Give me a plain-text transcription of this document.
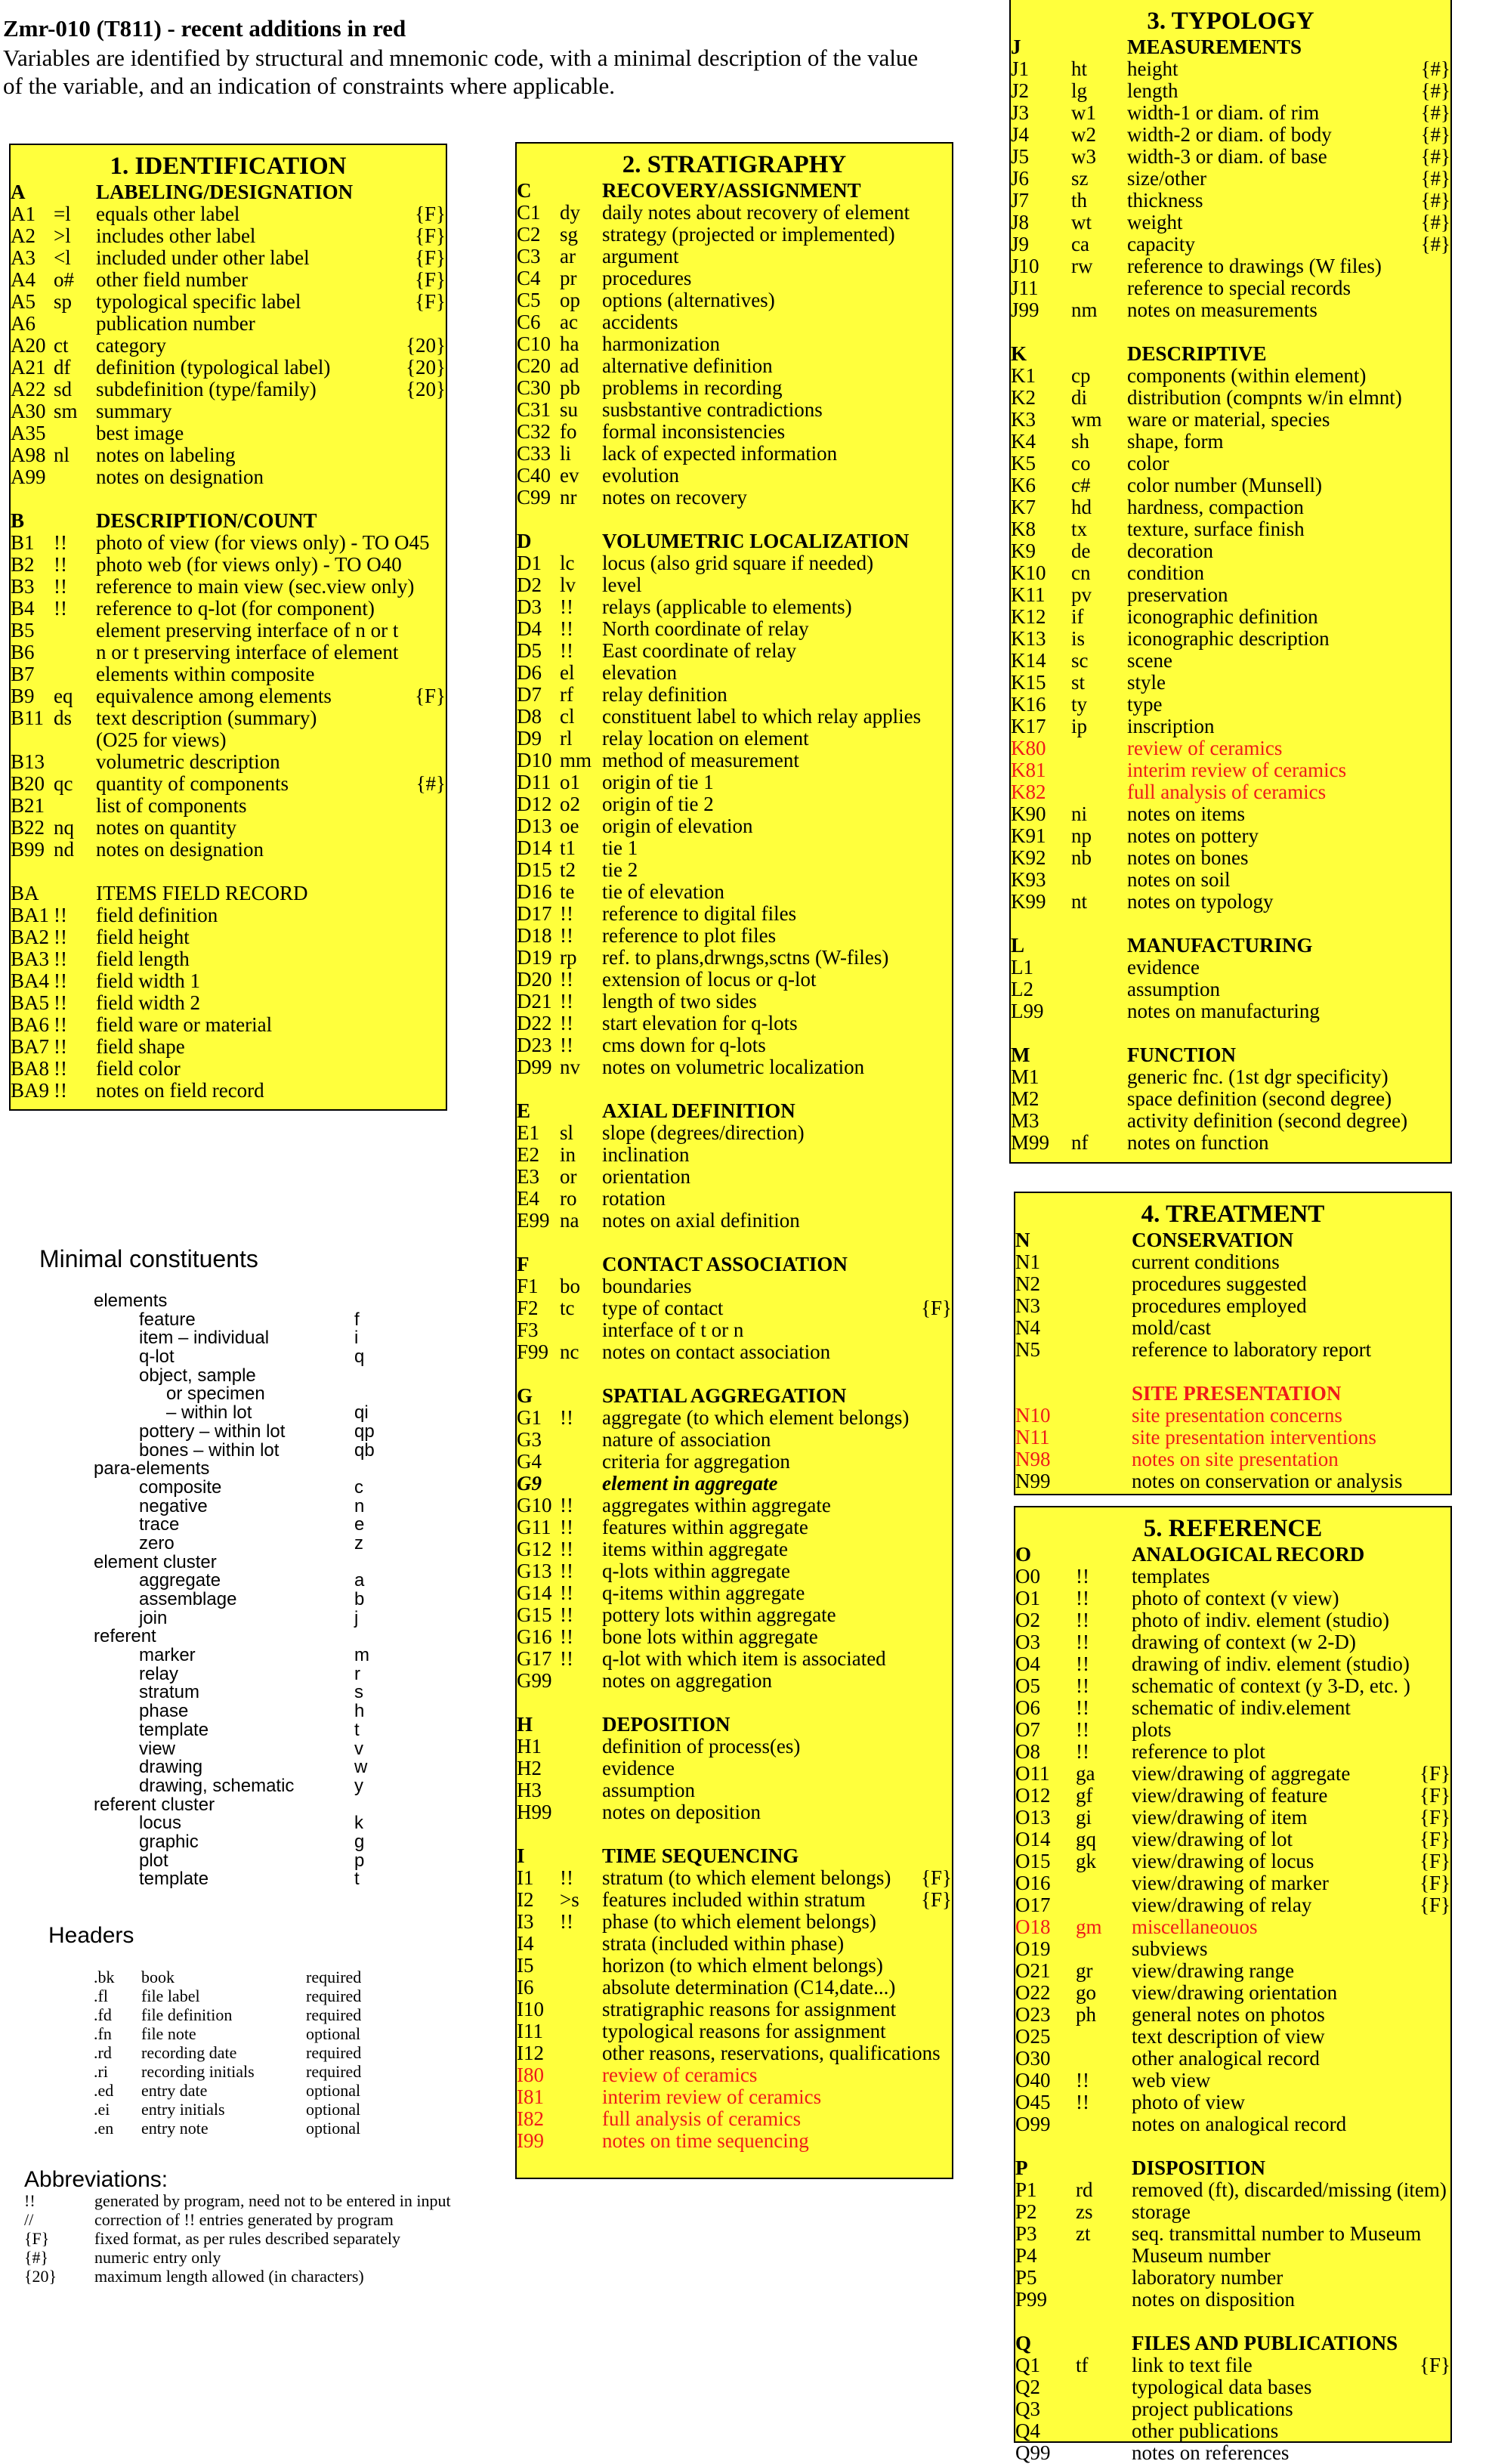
Zmr-010 (T811) - recent additions in red
Variables are identified by structural and mnemonic code, with a minimal description of the value of the variable, and an indication of constraints where applicable.
1. IDENTIFICATION
A	LABELING/DESIGNATION
A1 =l	equals other label	{F}
A2 >l	includes other label	{F}
A3 <l	included under other label	{F}
A4 o#	other field number	{F}
A5 sp	typological specific label	{F}
A6	publication number
A20 ct	category	{20}
A21 df	definition (typological label)	{20}
A22 sd	subdefinition (type/family)	{20}
A30 sm summary
A35	best image
A98 nl	notes on labeling
A99	notes on designation
B	DESCRIPTION/COUNT
B1 !!	photo of view (for views only) - TO O45
B2 !!	photo web (for views only) - TO O40
B3 !!	reference to main view (sec.view only)
B4 !!	reference to q-lot (for component)
B5	element preserving interface of n or t
B6	n or t preserving interface of element
B7	elements within composite
B9 eq	equivalence among elements	{F}
B11 ds	text description (summary)
(O25 for views)
B13	volumetric description
B20 qc	quantity of components	{#}
B21	list of components
B22 nq	notes on quantity
B99 nd	notes on designation
BA	ITEMS FIELD RECORD
BA1 !!	field definition
BA2 !!	field height
BA3 !!	field length
BA4 !!	field width 1
BA5 !!	field width 2
BA6 !!	field ware or material
BA7 !!	field shape
BA8 !!	field color
BA9 !!	notes on field record
2. STRATIGRAPHY
C	RECOVERY/ASSIGNMENT
C1 dy	daily notes about recovery of element
C2 sg	strategy (projected or implemented)
C3 ar	argument
C4 pr	procedures
C5 op	options (alternatives)
C6 ac	accidents
C10 ha	harmonization
C20 ad	alternative definition
C30 pb	problems in recording
C31 su	susbstantive contradictions
C32 fo	formal inconsistencies
C33 li	lack of expected information
C40 ev	evolution
C99 nr	notes on recovery
D	VOLUMETRIC LOCALIZATION
D1 lc	locus (also grid square if needed)
D2 lv	level
D3 !!	relays (applicable to elements)
D4 !!	North coordinate of relay
D5 !!	East coordinate of relay
D6 el	elevation
D7 rf	relay definition
D8 cl	constituent label to which relay applies
D9 rl	relay location on element
D10 mm method of measurement
D11 o1	origin of tie 1
D12 o2	origin of tie 2
D13 oe	origin of elevation
D14 t1	tie 1
D15 t2	tie 2
D16 te	tie of elevation
D17 !!	reference to digital files
D18 !!	reference to plot files
D19 rp	ref. to plans,drwngs,sctns (W-files)
D20 !!	extension of locus or q-lot
D21 !!	length of two sides
D22 !!	start elevation for q-lots
D23 !!	cms down for q-lots
D99 nv	notes on volumetric localization
E	AXIAL DEFINITION
E1	sl	slope (degrees/direction)
E2	in	inclination
E3	or	orientation
E4	ro	rotation
E99 na	notes on axial definition
F	CONTACT ASSOCIATION
F1	bo	boundaries
F2	tc	type of contact	{F}
F3	interface of t or n
F99 nc	notes on contact association
G	SPATIAL AGGREGATION
G1 !!	aggregate (to which element belongs)
G3	nature of association
G4	criteria for aggregation
G9	element in aggregate
G10 !!	aggregates within aggregate
G11 !!	features within aggregate
G12 !!	items within aggregate
G13 !!	q-lots within aggregate
G14 !!	q-items within aggregate
G15 !!	pottery lots within aggregate
G16 !!	bone lots within aggregate
G17 !!	q-lot with which item is associated
G99	notes on aggregation
H	DEPOSITION
H1	definition of process(es)
H2	evidence
H3	assumption
H99	notes on deposition
I	TIME SEQUENCING
I1	!!	stratum (to which element belongs)	{F}
I2	>s	features included within stratum	{F}
I3	!!	phase (to which element belongs)
I4	strata (included within phase)
I5	horizon (to which elment belongs)
I6	absolute determination (C14,date...)
I10	stratigraphic reasons for assignment
I11	typological reasons for assignment
I12	other reasons, reservations, qualifications
I80	review of ceramics
I81	interim review of ceramics
I82	full analysis of ceramics
I99	notes on time sequencing
3. TYPOLOGY
J	MEASUREMENTS
J1	ht	height	{#}
J2	lg	length	{#}
J3	w1	width-1 or diam. of rim	{#}
J4	w2	width-2 or diam. of body	{#}
J5	w3	width-3 or diam. of base	{#}
J6	sz	size/other	{#}
J7	th	thickness	{#}
J8	wt	weight	{#}
J9	ca	capacity	{#}
J10	rw	reference to drawings (W files)
J11	reference to special records
J99	nm	notes on measurements
K	DESCRIPTIVE
K1	cp	components (within element)
K2	di	distribution (compnts w/in elmnt)
K3	wm	ware or material, species
K4	sh	shape, form
K5	co	color
K6	c#	color number (Munsell)
K7	hd	hardness, compaction
K8	tx	texture, surface finish
K9	de	decoration
K10	cn	condition
K11	pv	preservation
K12	if	iconographic definition
K13	is	iconographic description
K14	sc	scene
K15	st	style
K16	ty	type
K17	ip	inscription
K80	review of ceramics
K81	interim review of ceramics
K82	full analysis of ceramics
K90	ni	notes on items
K91	np	notes on pottery
K92	nb	notes on bones
K93	notes on soil
K99	nt	notes on typology
L	MANUFACTURING
L1	evidence
L2	assumption
L99	notes on manufacturing
M	FUNCTION
M1	generic fnc. (1st dgr specificity)
M2	space definition (second degree)
M3	activity definition (second degree)
M99	nf	notes on function
4. TREATMENT
N	CONSERVATION
N1	current conditions
N2	procedures suggested
N3	procedures employed
N4	mold/cast
N5	reference to laboratory report
SITE PRESENTATION
N10	site presentation concerns
N11	site presentation interventions
N98	notes on site presentation
N99	notes on conservation or analysis
5. REFERENCE
O	ANALOGICAL RECORD
O0	!!	templates
O1	!!	photo of context (v view)
O2	!!	photo of indiv. element (studio)
O3	!!	drawing of context (w 2-D)
O4	!!	drawing of indiv. element (studio)
O5	!!	schematic of context (y 3-D, etc. )
O6	!!	schematic of indiv.element
O7	!!	plots
O8	!!	reference to plot
O11	ga	view/drawing of aggregate	{F}
O12	gf	view/drawing of feature	{F}
O13	gi	view/drawing of item	{F}
O14	gq	view/drawing of lot	{F}
O15	gk	view/drawing of locus	{F}
O16	view/drawing of marker	{F}
O17	view/drawing of relay	{F}
O18	gm	miscellaneouos
O19	subviews
O21	gr	view/drawing range
O22	go	view/drawing orientation
O23	ph	general notes on photos
O25	text description of view
O30	other analogical record
O40	!!	web view
O45	!!	photo of view
O99	notes on analogical record
P	DISPOSITION
P1	rd	removed (ft), discarded/missing (item)
P2	zs	storage
P3	zt	seq. transmittal number to Museum
P4	Museum number
P5	laboratory number
P99	notes on disposition
Q	FILES AND PUBLICATIONS
Q1	tf	link to text file	{F}
Q2	typological data bases
Q3	project publications
Q4	other publications
Q99	notes on references
Minimal constituents
elements
feature	f
item – individual	i
q-lot	q
object, sample
or specimen
– within lot	qi
pottery – within lot	qp
bones – within lot	qb
para-elements
composite	c
negative	n
trace	e
zero	z
element cluster
aggregate	a
assemblage	b
join	j
referent
marker	m
relay	r
stratum	s
phase	h
template	t
view	v
drawing	w
drawing, schematic	y
referent cluster
locus	k
graphic	g
plot	p
template	t
Headers
.bk	book	required
.fl	file label	required
.fd	file definition	required
.fn	file note	optional
.rd	recording date	required
.ri	recording initials	required
.ed	entry date	optional
.ei	entry initials	optional
.en	entry note	optional
Abbreviations:
!!	generated by program, need not to be entered in input
//	correction of !! entries generated by program
{F}	fixed format, as per rules described separately
{#}	numeric entry only
{20}	maximum length allowed (in characters)
